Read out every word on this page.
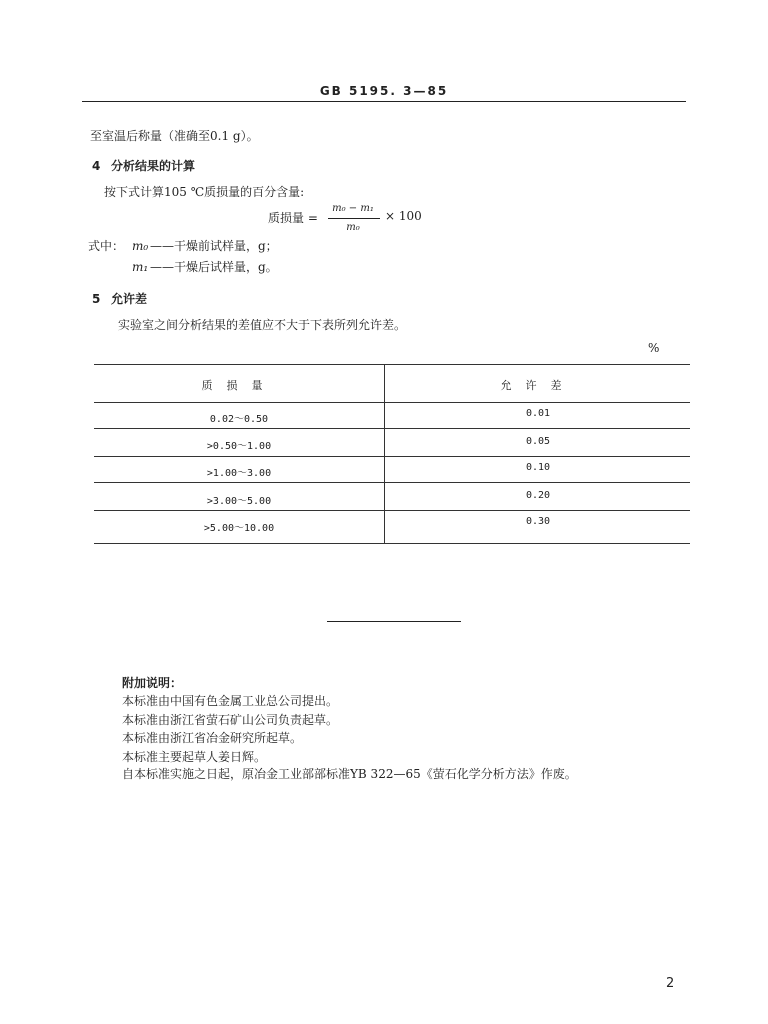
GB 5195. 3—85
至室温后称量（准确至0.1 g）。
4 分析结果的计算
按下式计算105 ℃质损量的百分含量:
质损量 =
m₀ − m₁
m₀
× 100
式中： m₀ ——干燥前试样量，g；
m₁ ——干燥后试样量，g。
5 允许差
实验室之间分析结果的差值应不大于下表所列允许差。
%
质损量	允许差
0.02～0.50
0.01
>0.50～1.00	0.05
>1.00～3.00
0.10
>3.00～5.00
0.20
>5.00～10.00
0.30
附加说明：
本标准由中国有色金属工业总公司提出。
本标准由浙江省萤石矿山公司负责起草。
本标准由浙江省冶金研究所起草。
本标准主要起草人姜日辉。
自本标准实施之日起，原冶金工业部部标准YB 322—65《萤石化学分析方法》作废。
2
